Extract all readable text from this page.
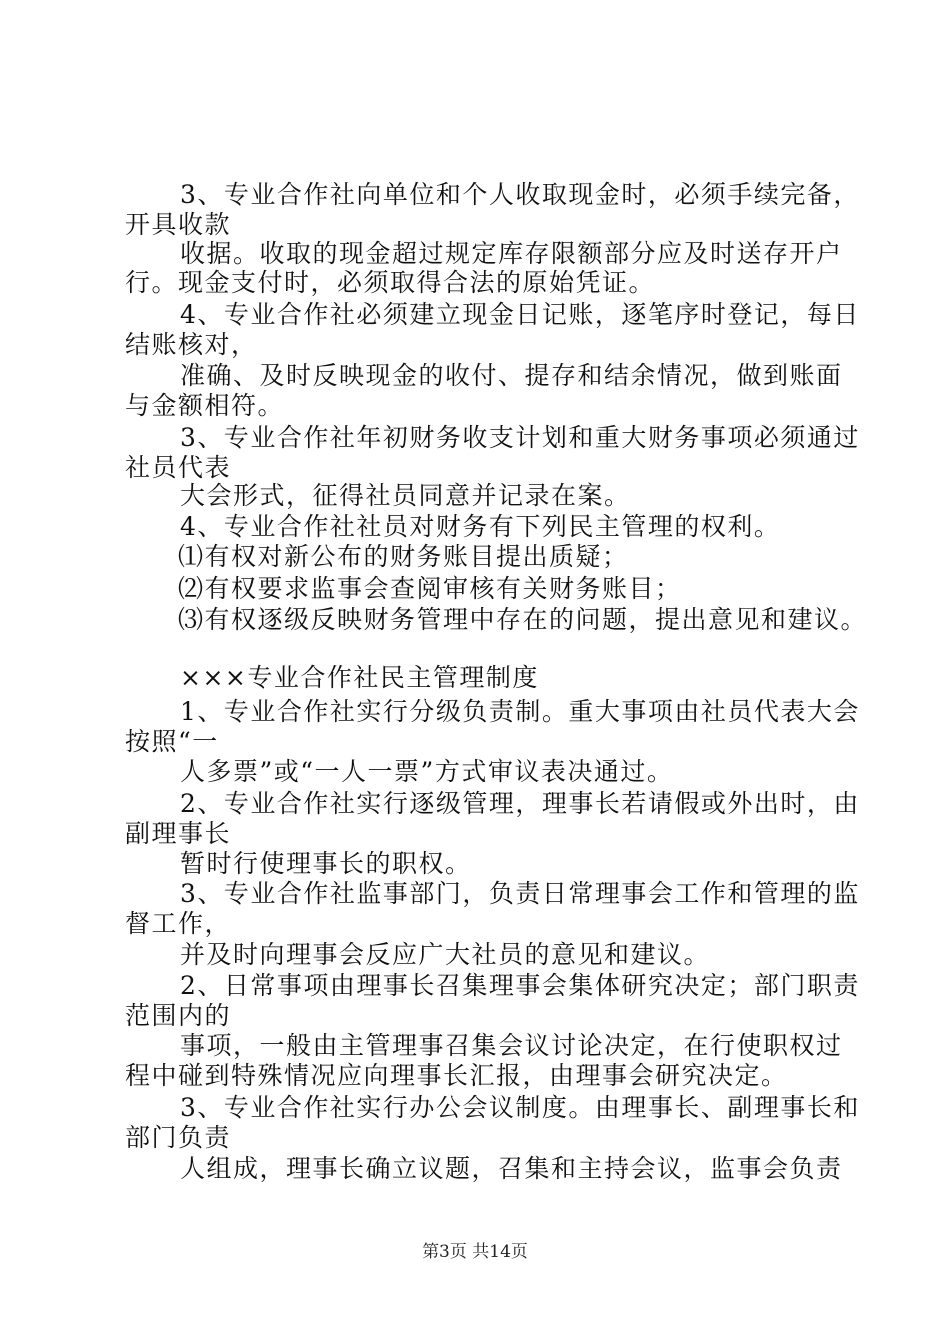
3、专业合作社向单位和个人收取现金时，必须手续完备，
开具收款
收据。收取的现金超过规定库存限额部分应及时送存开户
行。现金支付时，必须取得合法的原始凭证。
4、专业合作社必须建立现金日记账，逐笔序时登记，每日
结账核对，
准确、及时反映现金的收付、提存和结余情况，做到账面
与金额相符。
3、专业合作社年初财务收支计划和重大财务事项必须通过
社员代表
大会形式，征得社员同意并记录在案。
4、专业合作社社员对财务有下列民主管理的权利。
⑴有权对新公布的财务账目提出质疑；
⑵有权要求监事会查阅审核有关财务账目；
⑶有权逐级反映财务管理中存在的问题，提出意见和建议。
×××专业合作社民主管理制度
1、专业合作社实行分级负责制。重大事项由社员代表大会
按照“一
人多票”或“一人一票”方式审议表决通过。
2、专业合作社实行逐级管理，理事长若请假或外出时，由
副理事长
暂时行使理事长的职权。
3、专业合作社监事部门，负责日常理事会工作和管理的监
督工作，
并及时向理事会反应广大社员的意见和建议。
2、日常事项由理事长召集理事会集体研究决定；部门职责
范围内的
事项，一般由主管理事召集会议讨论决定，在行使职权过
程中碰到特殊情况应向理事长汇报，由理事会研究决定。
3、专业合作社实行办公会议制度。由理事长、副理事长和
部门负责
人组成，理事长确立议题，召集和主持会议，监事会负责
第3页 共14页
